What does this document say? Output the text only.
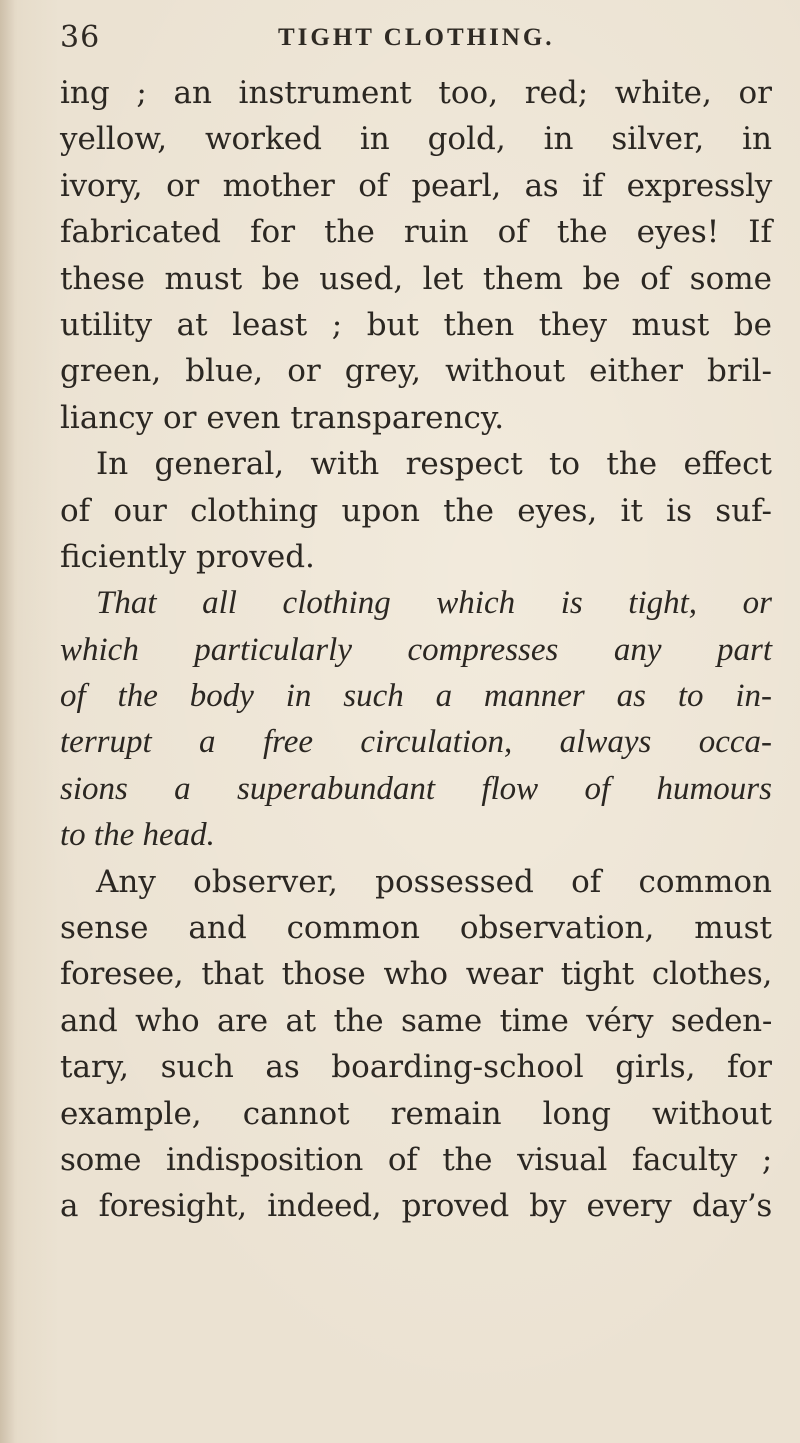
36	TIGHT CLOTHING.
ing ; an instrument too, red; white, or
yellow, worked in gold, in silver, in
ivory, or mother of pearl, as if expressly
fabricated for the ruin of the eyes! If
these must be used, let them be of some
utility at least ; but then they must be
green, blue, or grey, without either bril-
liancy or even transparency.
In general, with respect to the effect
of our clothing upon the eyes, it is suf-
ficiently proved.
That all clothing which is tight, or
which particularly compresses any part
of the body in such a manner as to in-
terrupt a free circulation, always occa-
sions a superabundant flow of humours
to the head.
Any observer, possessed of common
sense and common observation, must
foresee, that those who wear tight clothes,
and who are at the same time véry seden-
tary, such as boarding-school girls, for
example, cannot remain long without
some indisposition of the visual faculty ;
a foresight, indeed, proved by every day’s
